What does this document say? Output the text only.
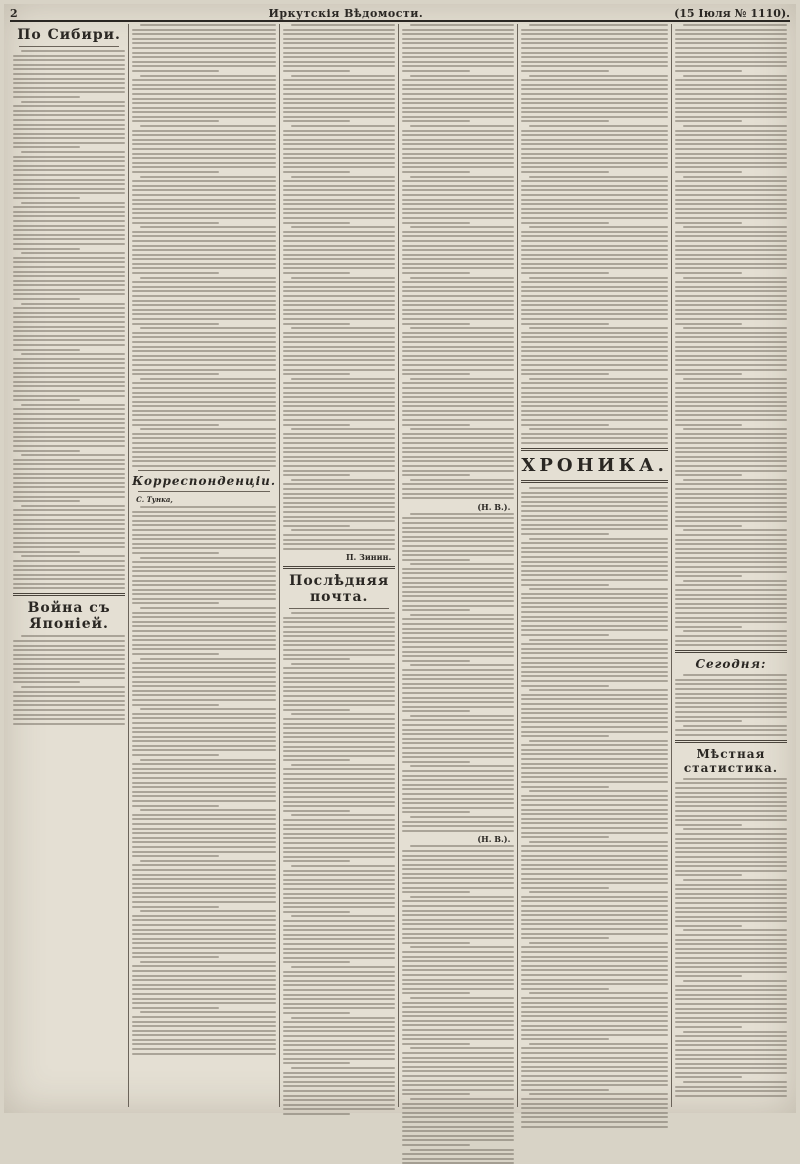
2	Иркутскія Вѣдомости.	(15 Іюля № 1110).
По Сибири.
Война съ Японіей.
Корреспонденціи.
С. Тунка,
П. Зинин.
Послѣдняя почта.
(Н. В.).
(Н. В.).
ХРОНИКА.
Сегодня:
Мѣстная статистика.
